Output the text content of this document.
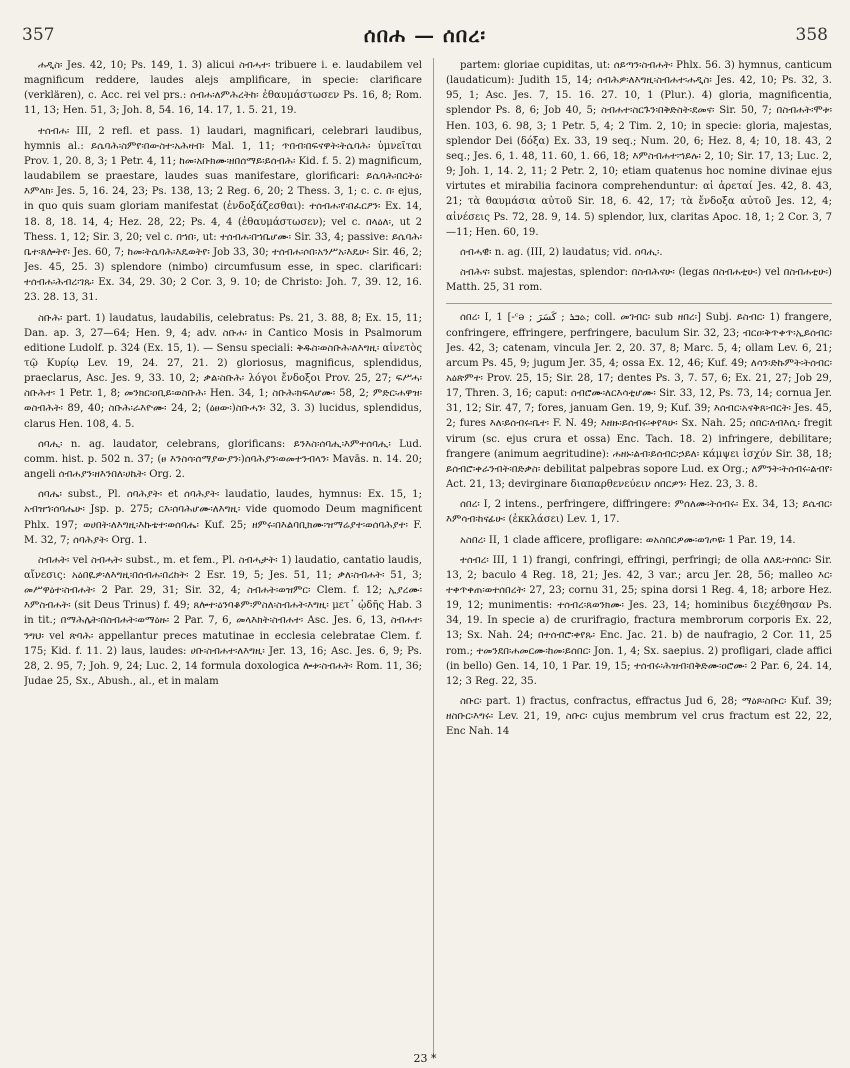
357	ሰበሐ — ሰበረ፡	358

ሐዲስ፡ Jes. 42, 10; Ps. 149, 1. 3) alicui ስብሓተ፡ tribuere i. e. laudabilem vel magnificum reddere, laudes alejs amplificare, in specie: clarificare (verklären), c. Acc. rei vel prs.: ሰብሐ፡ለምሕረትከ፡ ἐθαυμάστωσεν Ps. 16, 8; Rom. 11, 13; Hen. 51, 3; Joh. 8, 54. 16, 14. 17, 1. 5. 21, 19.

ተሰብሐ፡ III, 2 refl. et pass. 1) laudari, magnificari, celebrari laudibus, hymnis al.: ይሴባሕ፡ስምየ፡በውስተ፡አሕዛብ፡ Mal. 1, 11; ጥበብ፡በፍናዋት፡ትሴባሕ፡ ὑμνεῖται Prov. 1, 20. 8, 3; 1 Petr. 4, 11; ከመ፡አቡክሙ፡ዘበሰማይ፡ይሰብሕ፡ Kid. f. 5. 2) magnificum, laudabilem se praestare, laudes suas manifestare, glorificari: ይሴባሕ፡በርትዕ፡እምላክ፡ Jes. 5, 16. 24, 23; Ps. 138, 13; 2 Reg. 6, 20; 2 Thess. 3, 1; c. c. በ፡ ejus, in quo quis suam gloriam manifestat (ἐνδοξάζεσθαι): ተሰብሐ፡የ፡በፈርዖን፡ Ex. 14, 18. 8, 18. 14, 4; Hez. 28, 22; Ps. 4, 4 (ἐθαυμάστωσεν); vel c. በላዕለ፡, ut 2 Thess. 1, 12; Sir. 3, 20; vel c. በኀበ፡, ut: ተሰብሐ፡በኀቤሆሙ፡ Sir. 33, 4; passive: ይሴባሕ፡ቤተ፡ጸሎትየ፡ Jes. 60, 7; ከመ፡ትሴባሕ፡እዴወትየ፡ Job 33, 30; ተሰብሐ፡ሶበ፡አንሥአ፡እዴሁ፡ Sir. 46, 2; Jes. 45, 25. 3) splendore (nimbo) circumfusum esse, in spec. clarificari: ተሰብሐ፡ሕብረ፡ገጹ፡ Ex. 34, 29. 30; 2 Cor. 3, 9. 10; de Christo: Joh. 7, 39. 12, 16. 23. 28. 13, 31.

ስቡሕ፡ part. 1) laudatus, laudabilis, celebratus: Ps. 21, 3. 88, 8; Ex. 15, 11; Dan. ap. 3, 27—64; Hen. 9, 4; adv. ስቡሐ፡ in Cantico Mosis in Psalmorum editione Ludolf. p. 324 (Ex. 15, 1). — Sensu speciali: ቅዱስ፡ወስቡሕ፡ለእግዚ፡ αἰνετὸς τῷ Κυρίῳ Lev. 19, 24. 27, 21. 2) gloriosus, magnificus, splendidus, praeclarus, Asc. Jes. 9, 33. 10, 2; ቃል፡ስቡሕ፡ λόγοι ἔνδοξοι Prov. 25, 27; ፍሥሓ፡ስቡሕተ፡ 1 Petr. 1, 8; መንክር፡ዐቢይ፡ወስቡሕ፡ Hen. 34, 1; ስቡሕ፡ክፍላሆሙ፡ 58, 2; ምድር፡ሐዋዝ፡ወስብሕት፡ 89, 40; ስቡሕ፡ራእዮሙ፡ 24, 2; (ዕፀው፡)ስቡሓን፡ 32, 3. 3) lucidus, splendidus, clarus Hen. 108, 4. 5.

ሰባሒ፡ n. ag. laudator, celebrans, glorificans: ይንእስ፡ሰባሒ፡እምተሰባሒ፡ Lud. comm. hist. p. 502 n. 37; (ፀ እንስሳ፡ሰማያውያን፡)ሰባሕያን፡ወመተንብላን፡ Mavās. n. 14. 20; angeli ሰብሐያን፡ዘእንበለ፡ሀኬት፡ Org. 2.

ሰባሔ፡ subst., Pl. ሰባሕያት፡ et ሰባሕያት፡ laudatio, laudes, hymnus: Ex. 15, 1; አብዝኀ፡ሰባሔሁ፡ Jsp. p. 275; ርእ፡ሰባሕሆሙ፡ለእግዚ፡ vide quomodo Deum magnificent Phlx. 197; ወሀበት፡ለእግዚ፡እኩቴተ፡ወሰባሔ፡ Kuf. 25; ዘምሩ፡በእልባቢክሙ፡ዝማሬያተ፡ወሰባሕያተ፡ F. M. 32, 7; ሰባሕያት፡ Org. 1.

ስብሐት፡ vel ስብሓት፡ subst., m. et fem., Pl. ስብሓታት፡ 1) laudatio, cantatio laudis, αἴνεσις: አዕበዪዎ፡ለእግዚ፡በሰብሐ፡በረከት፡ 2 Esr. 19, 5; Jes. 51, 11; ቃለ፡ስብሐት፡ 51, 3; መሥዋዕተ፡ስብሐት፡ 2 Par. 29, 31; Sir. 32, 4; ስብሐት፡ወዝምር፡ Clem. f. 12; ኢያረሙ፡እምስብሐት፡ (sit Deus Trinus) f. 49; ጸሎተ፡ዕንባቆም፡ምስለ፡ስብሐት፡እግዚ፡ μετ᾽ ᾠδῆς Hab. 3 in tit.; በማሕሌት፡በስብሐት፡ወማዕዙ፡ 2 Par. 7, 6, መላእክት፡ስብሐተ፡ Asc. Jes. 6, 13, ስብሐተ፡ንግህ፡ vel ጽባሕ፡ appellantur preces matutinae in ecclesia celebratae Clem. f. 175; Kid. f. 11. 2) laus, laudes: ሀቡ፡ስብሐተ፡ለእግዚ፡ Jer. 13, 16; Asc. Jes. 6, 9; Ps. 28, 2. 95, 7; Joh. 9, 24; Luc. 2, 14 formula doxologica ሎቱ፡ስብሐት፡ Rom. 11, 36; Judae 25, Sx., Abush., al., et in malam

partem: gloriae cupiditas, ut: ሰይጣን፡ስብሐት፡ Phlx. 56. 3) hymnus, canticum (laudaticum): Judith 15, 14; ሰብሕዎ፡ለእግዚ፡ስብሐተ፡ሐዲስ፡ Jes. 42, 10; Ps. 32, 3. 95, 1; Asc. Jes. 7, 15. 16. 27. 10, 1 (Plur.). 4) gloria, magnificentia, splendor Ps. 8, 6; Job 40, 5; ስብሐተ፡ስርጉን፡በቅድስት፡ደመና፡ Sir. 50, 7; በስብሐት፡ሞቱ፡ Hen. 103, 6. 98, 3; 1 Petr. 5, 4; 2 Tim. 2, 10; in specie: gloria, majestas, splendor Dei (δόξα) Ex. 33, 19 seq.; Num. 20, 6; Hez. 8, 4; 10, 18. 43, 2 seq.; Jes. 6, 1. 48, 11. 60, 1. 66, 18; እምስብሐተ፡ኀይሉ፡ 2, 10; Sir. 17, 13; Luc. 2, 9; Joh. 1, 14. 2, 11; 2 Petr. 2, 10; etiam quatenus hoc nomine divinae ejus virtutes et mirabilia facinora comprehenduntur: αἱ ἀρεταί Jes. 42, 8. 43, 21; τὰ θαυμάσια αὐτοῦ Sir. 18, 6. 42, 17; τὰ ἔνδοξα αὐτοῦ Jes. 12, 4; αἰνέσεις Ps. 72, 28. 9, 14. 5) splendor, lux, claritas Apoc. 18, 1; 2 Cor. 3, 7—11; Hen. 60, 19.

ሰብሓዊ፡ n. ag. (III, 2) laudatus; vid. ሰባሒ፡.

ስብሕና፡ subst. majestas, splendor: በስብሕናሁ፡ (legas በስብሐቲሁ፡) vel በስብሐቲሁ፡) Matth. 25, 31 rom.

ሰበረ፡ I, 1 [-ᶜǝ ; ܬܒܪ ; كَسَرَ; coll. መገብር፡ sub ዘበረ፡] Subj. ይስብር፡ 1) frangere, confringere, effringere, perfringere, baculum Sir. 32, 23; ብርዐ፡ቅጥቀጥ፡ኢይሰብር፡ Jes. 42, 3; catenam, vincula Jer. 2, 20. 37, 8; Marc. 5, 4; ollam Lev. 6, 21; arcum Ps. 45, 9; jugum Jer. 35, 4; ossa Ex. 12, 46; Kuf. 49; ለሳን፡ድኩምት፡ትሰብር፡አዕጽምተ፡ Prov. 25, 15; Sir. 28, 17; dentes Ps. 3, 7. 57, 6; Ex. 21, 27; Job 29, 17, Thren. 3, 16; caput: ሰብሮሙ፡ለርእሳቲሆሙ፡ Sir. 33, 12, Ps. 73, 14; cornua Jer. 31, 12; Sir. 47, 7; fores, januam Gen. 19, 9; Kuf. 39; እሰብር፡አናቅጸ፡ብርት፡ Jes. 45, 2; fures እለ፡ይሰብሩ፡ቤተ፡ F. N. 49; እዘዙ፡ይሰብሩ፡ቀየጻሁ፡ Sx. Nah. 25; ሰበር፡ለብእሲ፡ fregit virum (sc. ejus crura et ossa) Enc. Tach. 18. 2) infringere, debilitare; frangere (animum aegritudine): ሐዘኑ፡ልብ፡ይሰብር፡ኃይለ፡ κάμψει ἰσχύν Sir. 38, 18; ይሰብሮ፡ቀራንብት፡በድቃስ፡ debilitat palpebras sopore Lud. ex Org.; ለምንት፡ትሰብሩ፡ልብየ፡ Act. 21, 13; devirginare διαπαρθενεύειν ሰበርዎን፡ Hez. 23, 3. 8.

ሰበረ፡ I, 2 intens., perfringere, diffringere: ምሰለሙ፡ትሰብሩ፡ Ex. 34, 13; ይሴብር፡እምሳብ፡ከናፊሁ፡ (ἐκκλάσει) Lev. 1, 17.

አስበረ፡ II, 1 clade afficere, profligare: ወአስበርዎሙ፡ወገጦዩ፡ 1 Par. 19, 14.

ተሰብረ፡ III, 1 1) frangi, confringi, effringi, perfringi; de olla ለለዴ፡ተሰበር፡ Sir. 13, 2; baculo 4 Reg. 18, 21; Jes. 42, 3 var.; arcu Jer. 28, 56; malleo እር፡ተቀጥቀጠ፡ወተሰበረት፡ 27, 23; cornu 31, 25; spina dorsi 1 Reg. 4, 18; arbore Hez. 19, 12; munimentis: ተሰብረ፡ጸወንክሙ፡ Jes. 23, 14; hominibus διεχέθησαν Ps. 34, 19. In specie a) de crurifragio, fractura membrorum corporis Ex. 22, 13; Sx. Nah. 24; በተሰብሮ፡ቀየጹ፡ Enc. Jac. 21. b) de naufragio, 2 Cor. 11, 25 rom.; ተመንደበ፡ሐመርሙ፡ከመ፡ይሰበር፡ Jon. 1, 4; Sx. saepius. 2) profligari, clade affici (in bello) Gen. 14, 10, 1 Par. 19, 15; ተሰብሩ፡ሕዝብ፡በቅድሙ፡ዐሮሙ፡ 2 Par. 6, 24. 14, 12; 3 Reg. 22, 35.

ስቡር፡ part. 1) fractus, confractus, effractus Jud 6, 28; ማዕጾ፡ስቡር፡ Kuf. 39; ዘስቡር፡እግሩ፡ Lev. 21, 19, ስቡር፡ cujus membrum vel crus fractum est 22, 22, Enc Nah. 14

23 *
